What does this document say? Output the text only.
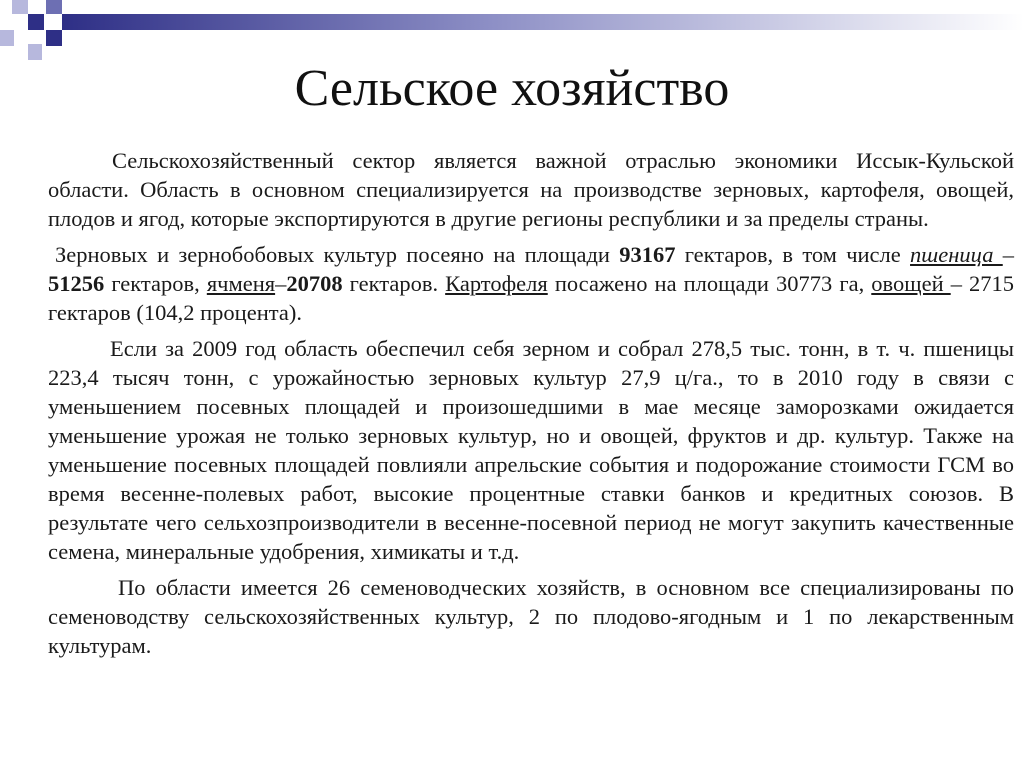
Сельское хозяйство

Сельскохозяйственный сектор является важной отраслью экономики Иссык-Кульской области. Область в основном специализируется на производстве зерновых, картофеля, овощей, плодов и ягод, которые экспортируются в другие регионы республики и за пределы страны.

Зерновых и зернобобовых культур посеяно на площади 93167 гектаров, в том числе пшеница – 51256 гектаров, ячменя–20708 гектаров. Картофеля посажено на площади 30773 га, овощей – 2715 гектаров (104,2 процента).

Если за 2009 год область обеспечил себя зерном и собрал 278,5 тыс. тонн, в т. ч. пшеницы 223,4 тысяч тонн, с урожайностью зерновых культур 27,9 ц/га., то в 2010 году в связи с уменьшением посевных площадей и произошедшими в мае месяце заморозками ожидается уменьшение урожая не только зерновых культур, но и овощей, фруктов и др. культур. Также на уменьшение посевных площадей повлияли апрельские события и подорожание стоимости ГСМ во время весенне-полевых работ, высокие процентные ставки банков и кредитных союзов. В результате чего сельхозпроизводители в весенне-посевной период не могут закупить качественные семена, минеральные удобрения, химикаты и т.д.

По области имеется 26 семеноводческих хозяйств, в основном все специализированы по семеноводству сельскохозяйственных культур, 2 по плодово-ягодным и 1 по лекарственным культурам.
